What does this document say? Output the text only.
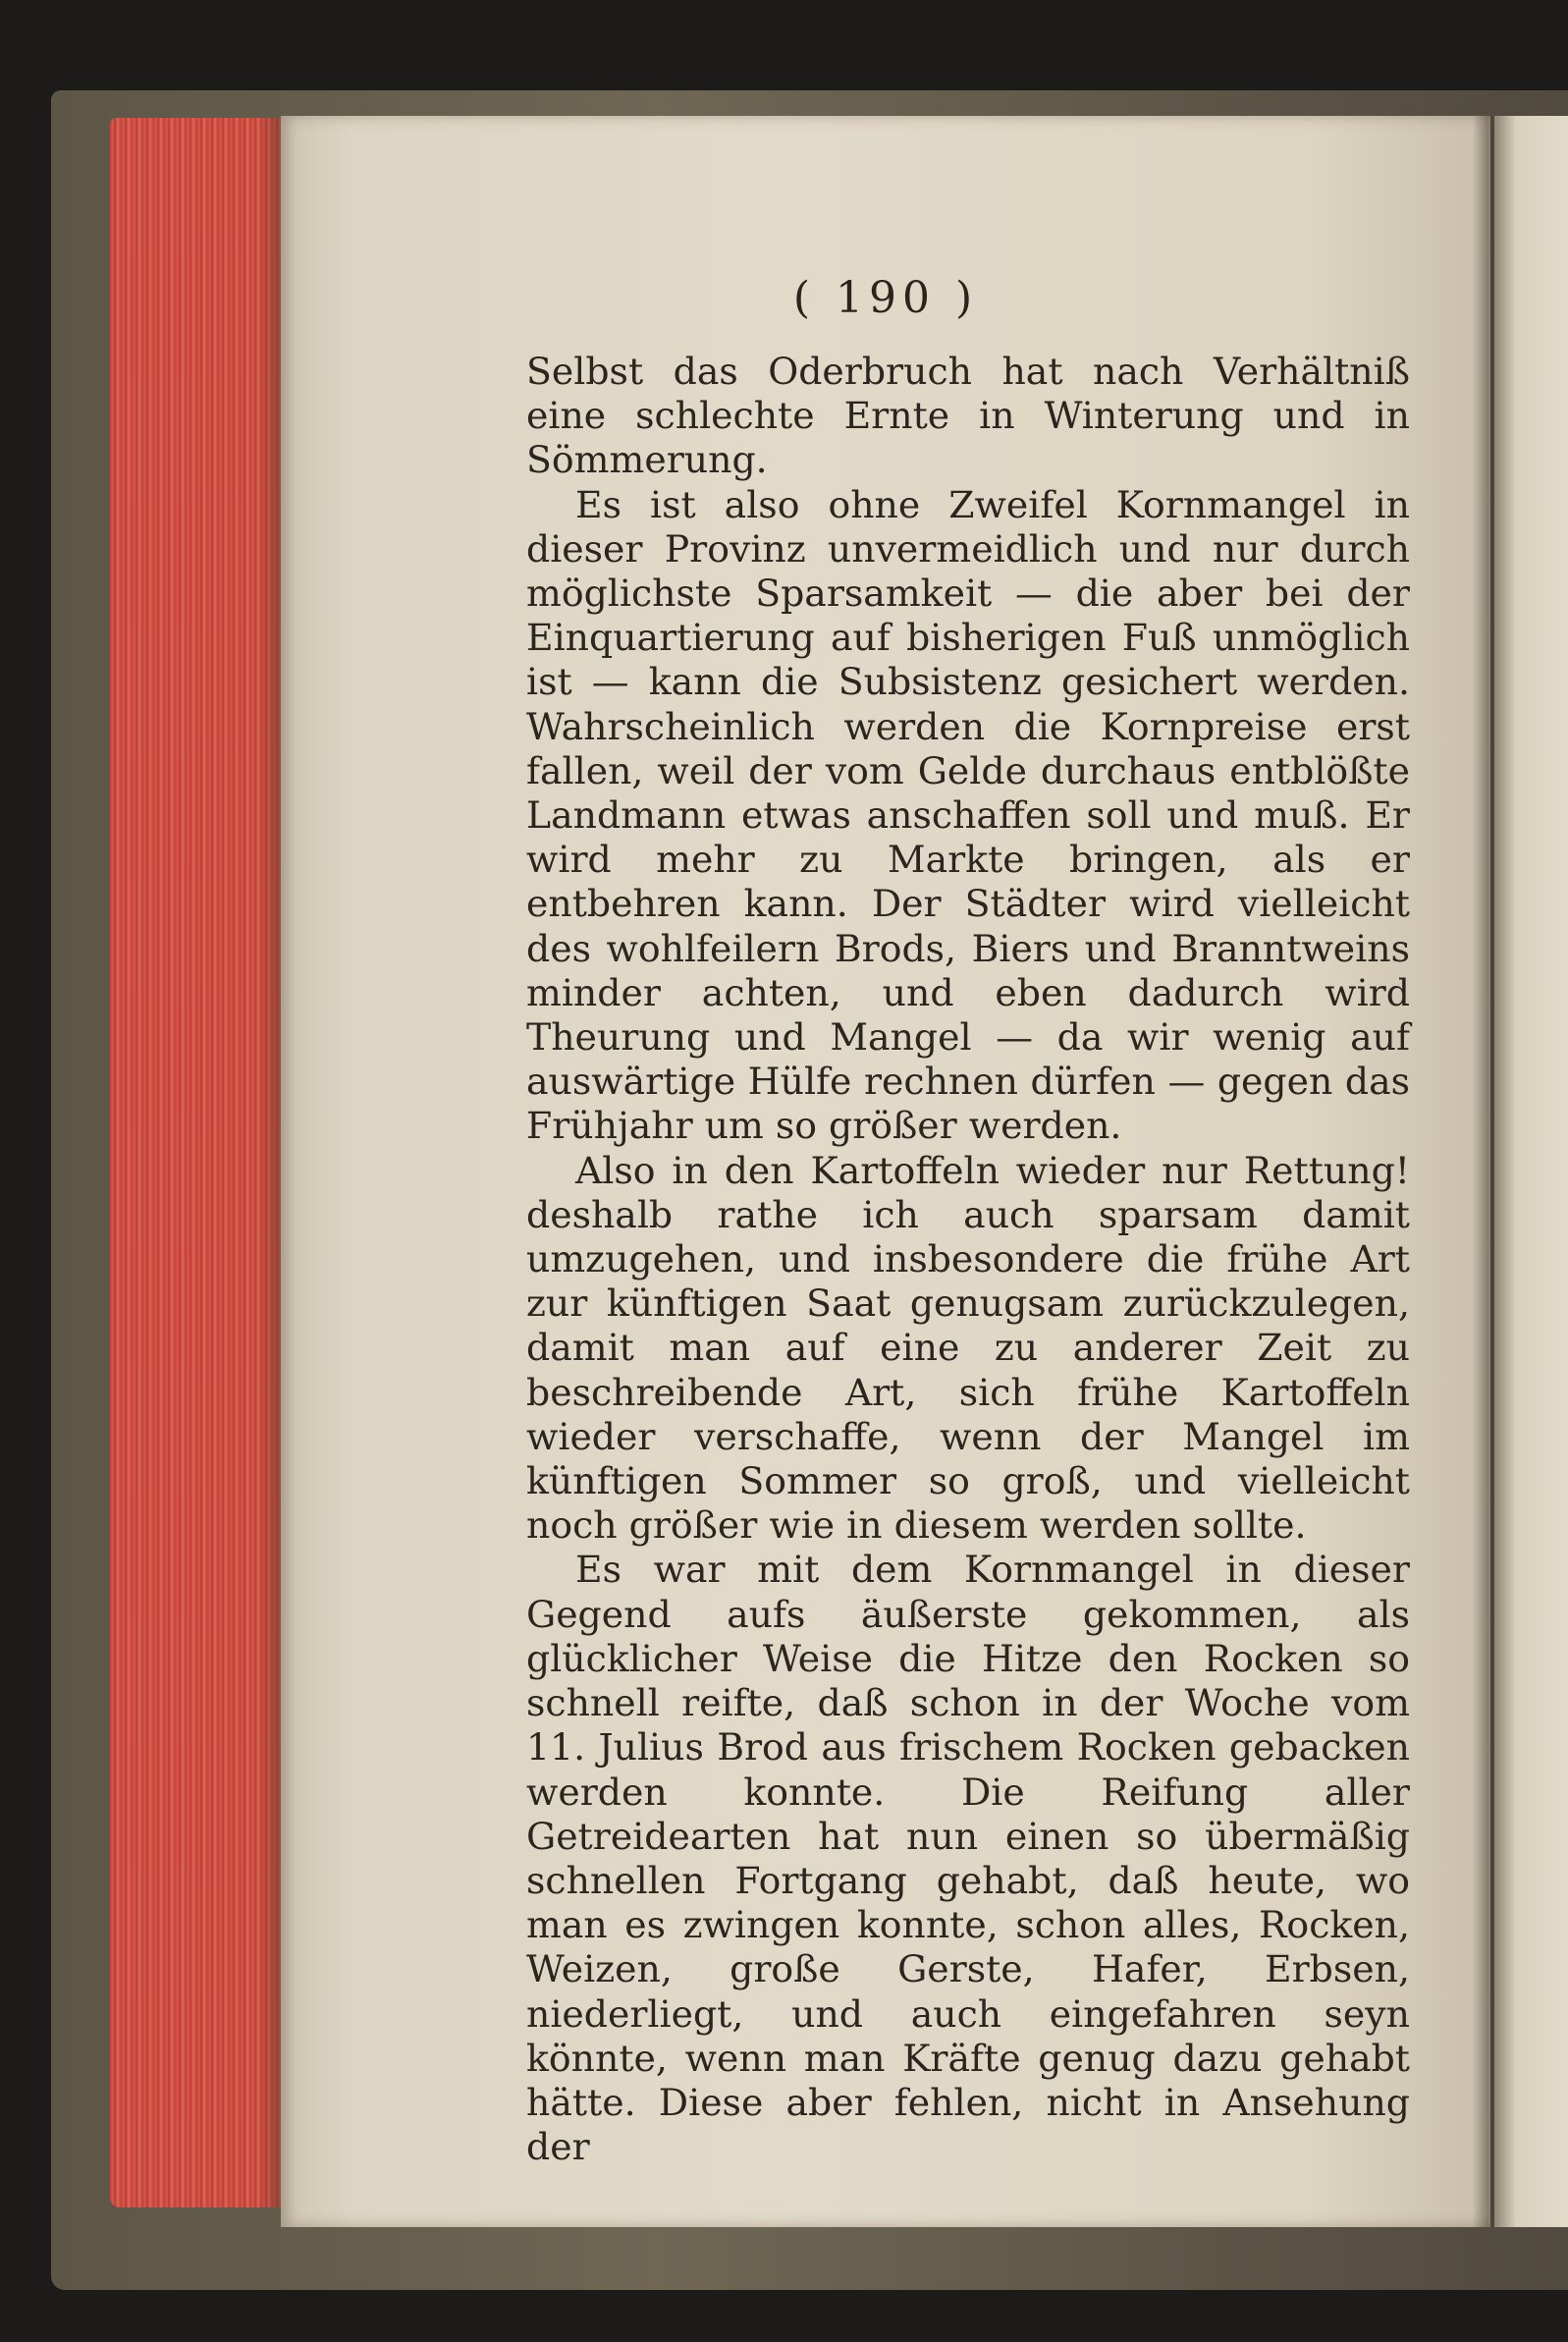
( 190 )

Selbst das Oderbruch hat nach Verhältniß eine schlechte Ernte in Winterung und in Sömmerung.

Es ist also ohne Zweifel Kornmangel in dieser Provinz unvermeidlich und nur durch möglichste Sparsamkeit — die aber bei der Einquartierung auf bisherigen Fuß unmöglich ist — kann die Subsistenz gesichert werden. Wahrscheinlich werden die Kornpreise erst fallen, weil der vom Gelde durchaus entblößte Landmann etwas anschaffen soll und muß. Er wird mehr zu Markte bringen, als er entbehren kann. Der Städter wird vielleicht des wohlfeilern Brods, Biers und Branntweins minder achten, und eben dadurch wird Theurung und Mangel — da wir wenig auf auswärtige Hülfe rechnen dürfen — gegen das Frühjahr um so größer werden.

Also in den Kartoffeln wieder nur Rettung! deshalb rathe ich auch sparsam damit umzugehen, und insbesondere die frühe Art zur künftigen Saat genugsam zurückzulegen, damit man auf eine zu anderer Zeit zu beschreibende Art, sich frühe Kartoffeln wieder verschaffe, wenn der Mangel im künftigen Sommer so groß, und vielleicht noch größer wie in diesem werden sollte.

Es war mit dem Kornmangel in dieser Gegend aufs äußerste gekommen, als glücklicher Weise die Hitze den Rocken so schnell reifte, daß schon in der Woche vom 11. Julius Brod aus frischem Rocken gebacken werden konnte. Die Reifung aller Getreidearten hat nun einen so übermäßig schnellen Fortgang gehabt, daß heute, wo man es zwingen konnte, schon alles, Rocken, Weizen, große Gerste, Hafer, Erbsen, niederliegt, und auch eingefahren seyn könnte, wenn man Kräfte genug dazu gehabt hätte. Diese aber fehlen, nicht in Ansehung der
